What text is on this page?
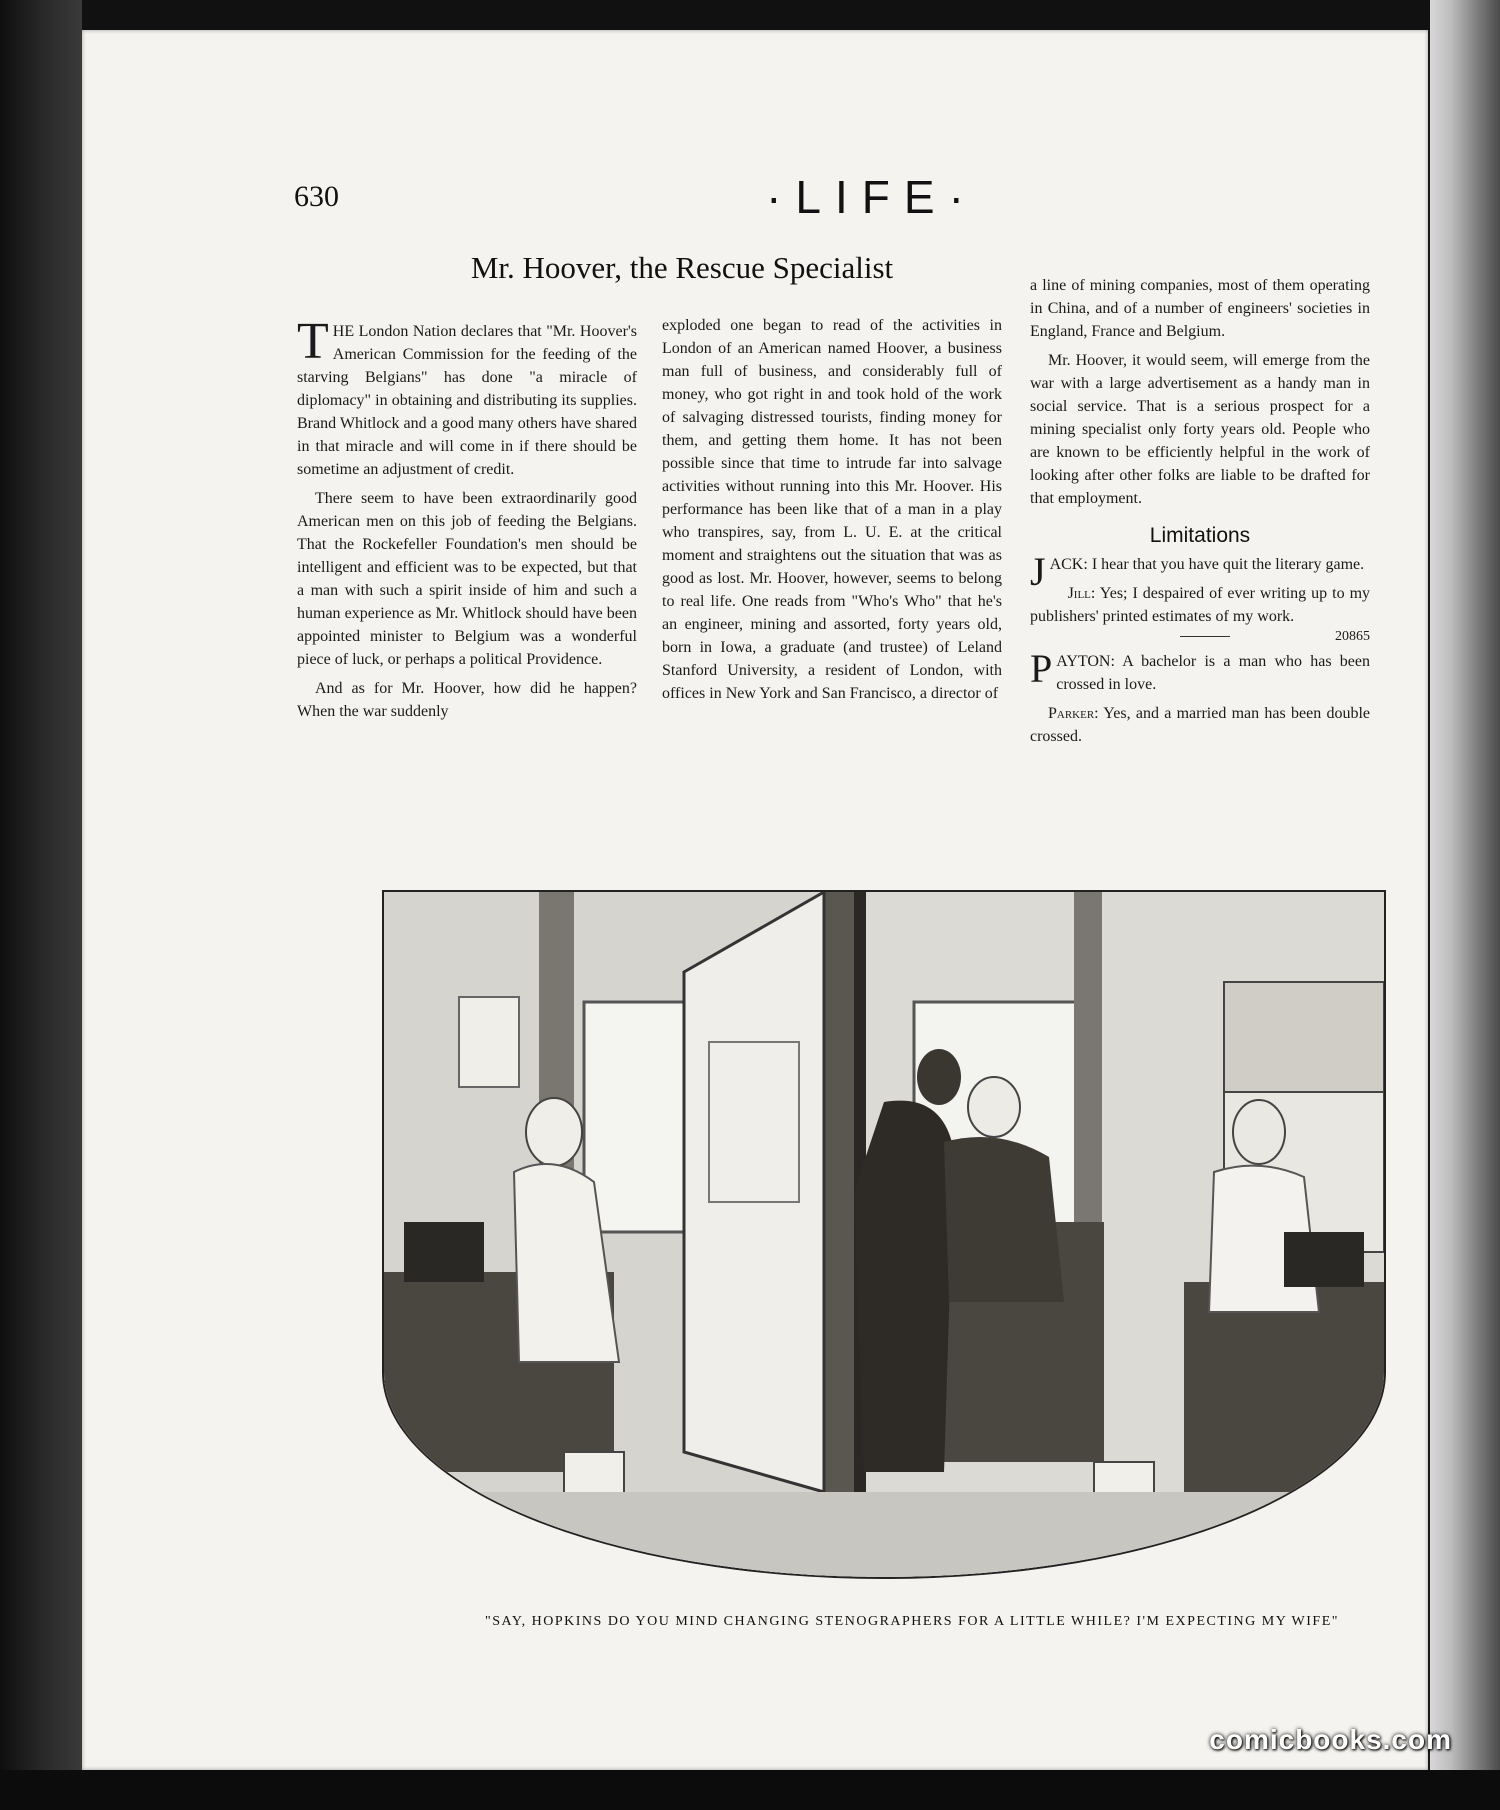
630	·LIFE·
Mr. Hoover, the Rescue Specialist

THE London Nation declares that "Mr. Hoover's American Commission for the feeding of the starving Belgians" has done "a miracle of diplomacy" in obtaining and distributing its supplies. Brand Whitlock and a good many others have shared in that miracle and will come in if there should be sometime an adjustment of credit.

There seem to have been extraordinarily good American men on this job of feeding the Belgians. That the Rockefeller Foundation's men should be intelligent and efficient was to be expected, but that a man with such a spirit inside of him and such a human experience as Mr. Whitlock should have been appointed minister to Belgium was a wonderful piece of luck, or perhaps a political Providence.

And as for Mr. Hoover, how did he happen? When the war suddenly

exploded one began to read of the activities in London of an American named Hoover, a business man full of business, and considerably full of money, who got right in and took hold of the work of salvaging distressed tourists, finding money for them, and getting them home. It has not been possible since that time to intrude far into salvage activities without running into this Mr. Hoover. His performance has been like that of a man in a play who transpires, say, from L. U. E. at the critical moment and straightens out the situation that was as good as lost. Mr. Hoover, however, seems to belong to real life. One reads from "Who's Who" that he's an engineer, mining and assorted, forty years old, born in Iowa, a graduate (and trustee) of Leland Stanford University, a resident of London, with offices in New York and San Francisco, a director of

a line of mining companies, most of them operating in China, and of a number of engineers' societies in England, France and Belgium.

Mr. Hoover, it would seem, will emerge from the war with a large advertisement as a handy man in social service. That is a serious prospect for a mining specialist only forty years old. People who are known to be efficiently helpful in the work of looking after other folks are liable to be drafted for that employment.

Limitations

JACK: I hear that you have quit the literary game.

Jill: Yes; I despaired of ever writing up to my publishers' printed estimates of my work.

20865

PAYTON: A bachelor is a man who has been crossed in love.

Parker: Yes, and a married man has been double crossed.

"SAY, HOPKINS DO YOU MIND CHANGING STENOGRAPHERS FOR A LITTLE WHILE? I'M EXPECTING MY WIFE"
comicbooks.com
